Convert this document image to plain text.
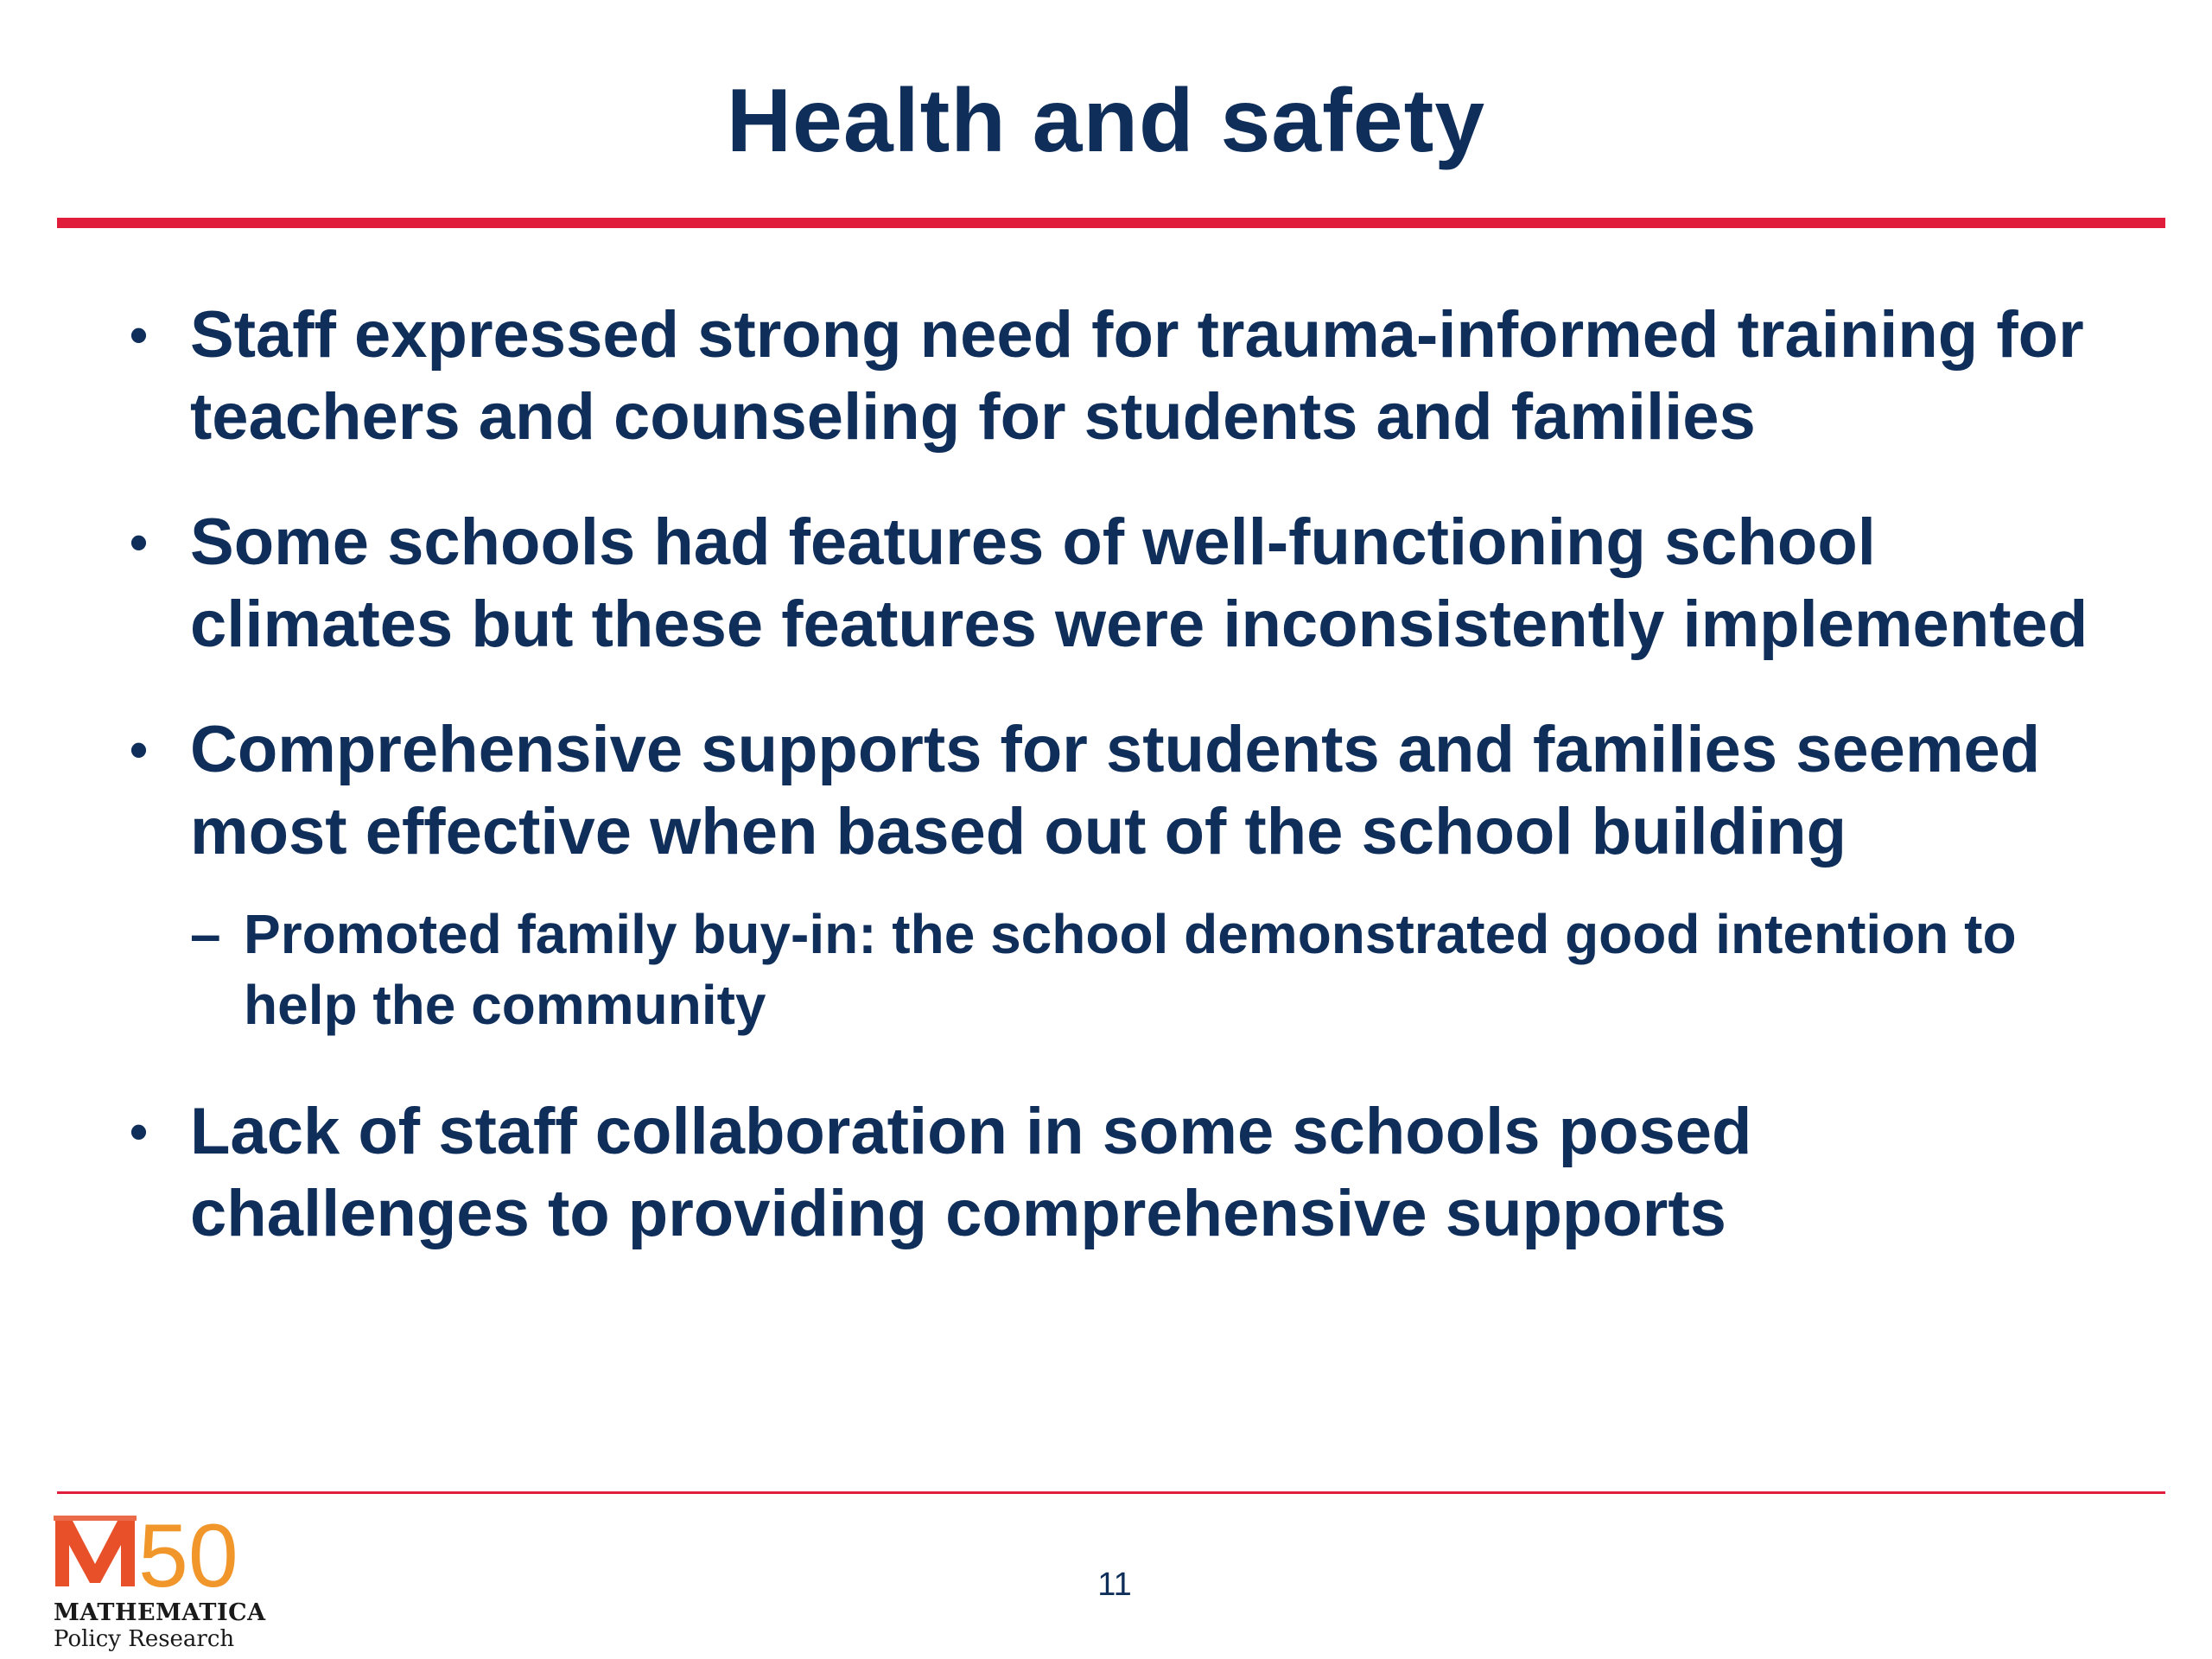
Health and safety
• Staff expressed strong need for trauma-informed training for teachers and counseling for students and families
• Some schools had features of well-functioning school climates but these features were inconsistently implemented
• Comprehensive supports for students and families seemed most effective when based out of the school building
– Promoted family buy-in: the school demonstrated good intention to help the community
• Lack of staff collaboration in some schools posed challenges to providing comprehensive supports
50
MATHEMATICA
Policy Research
11
